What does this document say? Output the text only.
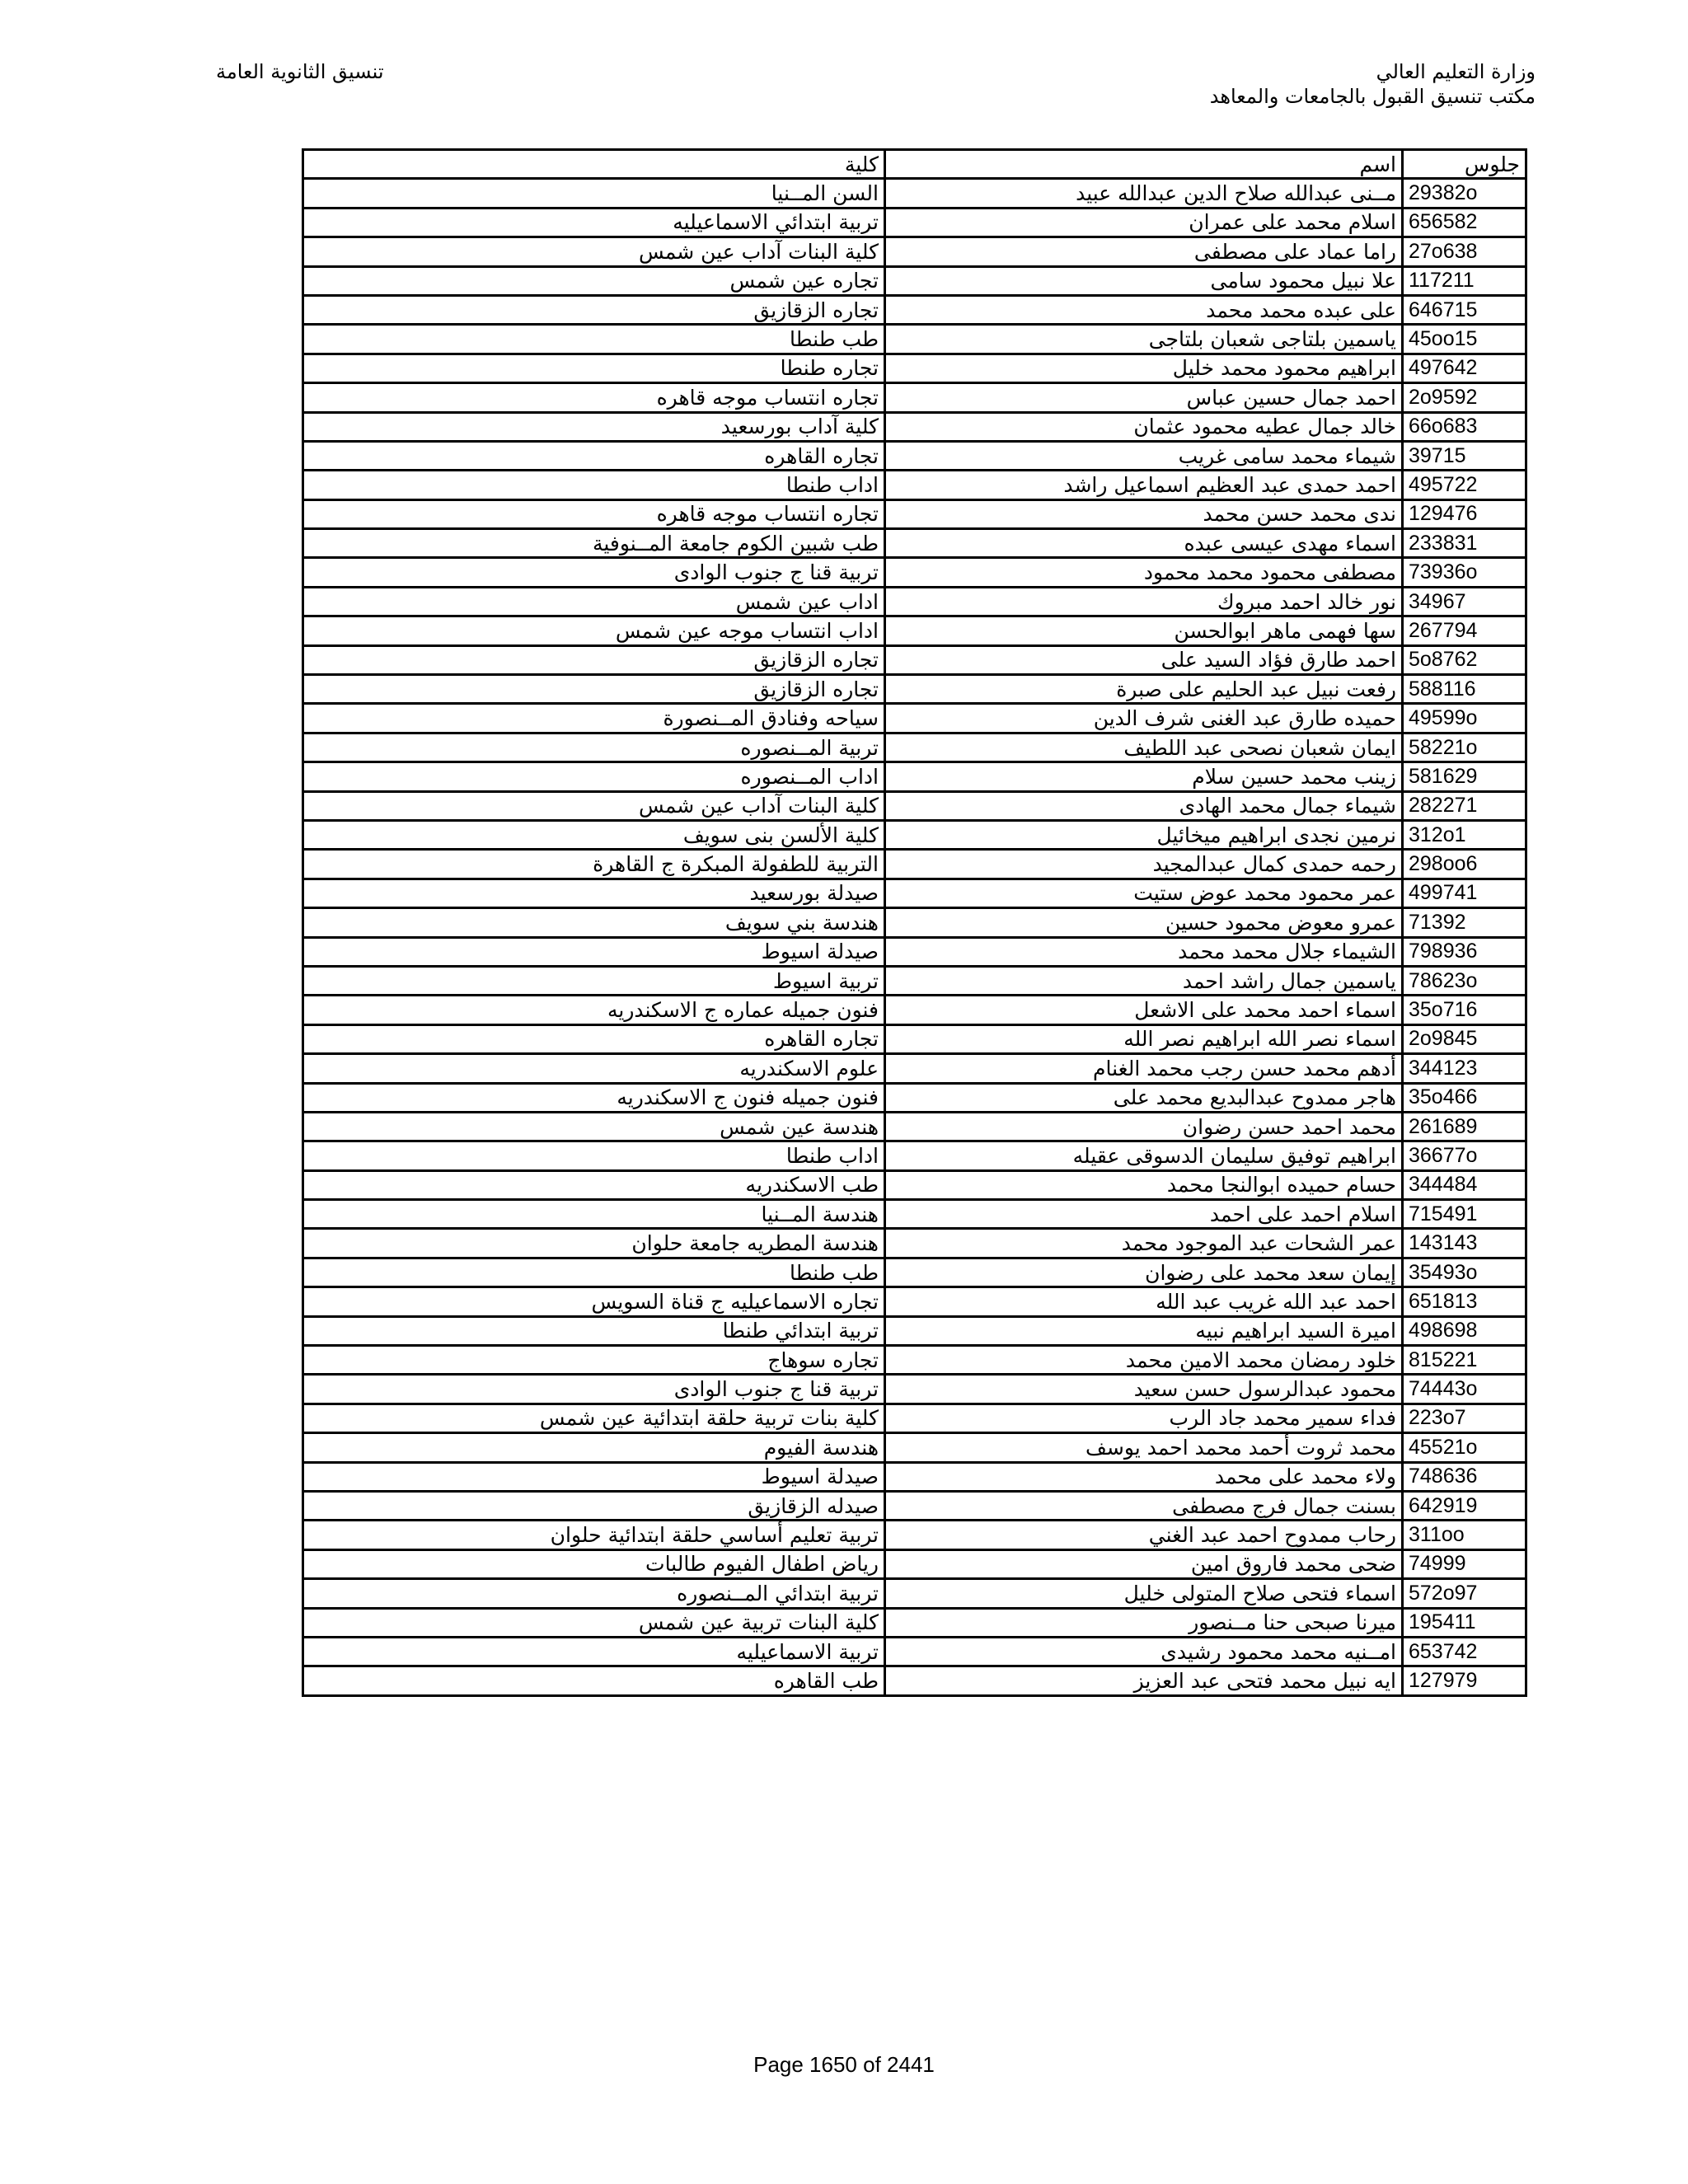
وزارة التعليم العالي
مكتب تنسيق القبول بالجامعات والمعاهد
تنسيق الثانوية العامة
جلوس	اسم	كلية
29382o	مــنى عبدالله صلاح الدين عبدالله عبيد	السن المــنيا
656582	اسلام محمد على عمران	تربية ابتدائي الاسماعيليه
27o638	راما عماد على مصطفى	كلية البنات آداب عين شمس
117211	علا نبيل محمود سامى	تجاره عين شمس
646715	على عبده محمد محمد	تجاره الزقازيق
45oo15	ياسمين بلتاجى شعبان بلتاجى	طب طنطا
497642	ابراهيم محمود محمد خليل	تجاره طنطا
2o9592	احمد جمال حسين عباس	تجاره انتساب موجه قاهره
66o683	خالد جمال عطيه محمود عثمان	كلية آداب بورسعيد
39715	شيماء محمد سامى غريب	تجاره القاهره
495722	احمد حمدى عبد العظيم اسماعيل راشد	اداب طنطا
129476	ندى محمد حسن محمد	تجاره انتساب موجه قاهره
233831	اسماء مهدى عيسى عبده	طب شبين الكوم جامعة المــنوفية
73936o	مصطفى محمود محمد محمود	تربية قنا ج جنوب الوادى
34967	نور خالد احمد مبروك	اداب عين شمس
267794	سها فهمى ماهر ابوالحسن	اداب انتساب موجه عين شمس
5o8762	احمد طارق فؤاد السيد على	تجاره الزقازيق
588116	رفعت نبيل عبد الحليم على صبرة	تجاره الزقازيق
49599o	حميده طارق عبد الغنى شرف الدين	سياحه وفنادق المــنصورة
58221o	ايمان شعبان نصحى عبد اللطيف	تربية المــنصوره
581629	زينب محمد حسين سلام	اداب المــنصوره
282271	شيماء جمال محمد الهادى	كلية البنات آداب عين شمس
312o1	نرمين نجدى ابراهيم ميخائيل	كلية الألسن بنى سويف
298oo6	رحمه حمدى كمال عبدالمجيد	التربية للطفولة المبكرة ج القاهرة
499741	عمر محمود محمد عوض ستيت	صيدلة بورسعيد
71392	عمرو معوض محمود حسين	هندسة بني سويف
798936	الشيماء جلال محمد محمد	صيدلة اسيوط
78623o	ياسمين جمال راشد احمد	تربية اسيوط
35o716	اسماء احمد محمد على الاشعل	فنون جميله عماره ج الاسكندريه
2o9845	اسماء نصر الله ابراهيم نصر الله	تجاره القاهره
344123	أدهم محمد حسن رجب محمد الغنام	علوم الاسكندريه
35o466	هاجر ممدوح عبدالبديع محمد على	فنون جميله فنون ج الاسكندريه
261689	محمد احمد حسن رضوان	هندسة عين شمس
36677o	ابراهيم توفيق سليمان الدسوقى عقيله	اداب طنطا
344484	حسام حميده ابوالنجا محمد	طب الاسكندريه
715491	اسلام احمد على احمد	هندسة المــنيا
143143	عمر الشحات عبد الموجود محمد	هندسة المطريه جامعة حلوان
35493o	إيمان سعد محمد على رضوان	طب طنطا
651813	احمد عبد الله غريب عبد الله	تجاره الاسماعيليه ج قناة السويس
498698	اميرة السيد ابراهيم نبيه	تربية ابتدائي طنطا
815221	خلود رمضان محمد الامين محمد	تجاره سوهاج
74443o	محمود عبدالرسول حسن سعيد	تربية قنا ج جنوب الوادى
223o7	فداء سمير محمد جاد الرب	كلية بنات تربية حلقة ابتدائية عين شمس
45521o	محمد ثروت أحمد محمد احمد يوسف	هندسة الفيوم
748636	ولاء محمد على محمد	صيدلة اسيوط
642919	بسنت جمال فرج مصطفى	صيدله الزقازيق
311oo	رحاب ممدوح احمد عبد الغني	تربية تعليم أساسي حلقة ابتدائية حلوان
74999	ضحى محمد فاروق امين	رياض اطفال الفيوم طالبات
572o97	اسماء فتحى صلاح المتولى خليل	تربية ابتدائي المــنصوره
195411	ميرنا صبحى حنا مــنصور	كلية البنات تربية عين شمس
653742	امــنيه محمد محمود رشيدى	تربية الاسماعيليه
127979	ايه نبيل محمد فتحى عبد العزيز	طب القاهره
Page 1650 of 2441
